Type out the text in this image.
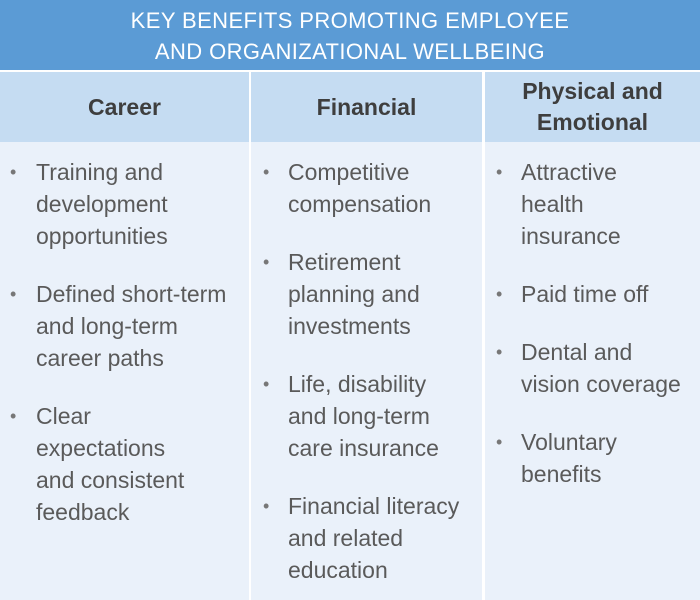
KEY BENEFITS PROMOTING EMPLOYEE
AND ORGANIZATIONAL WELLBEING
Career
• Training and development opportunities
• Defined short-term and long-term career paths
• Clear expectations and consistent feedback
Financial
• Competitive compensation
• Retirement planning and investments
• Life, disability and long-term care insurance
• Financial literacy and related education
Physical and
Emotional
• Attractive health insurance
• Paid time off
• Dental and vision coverage
• Voluntary benefits
